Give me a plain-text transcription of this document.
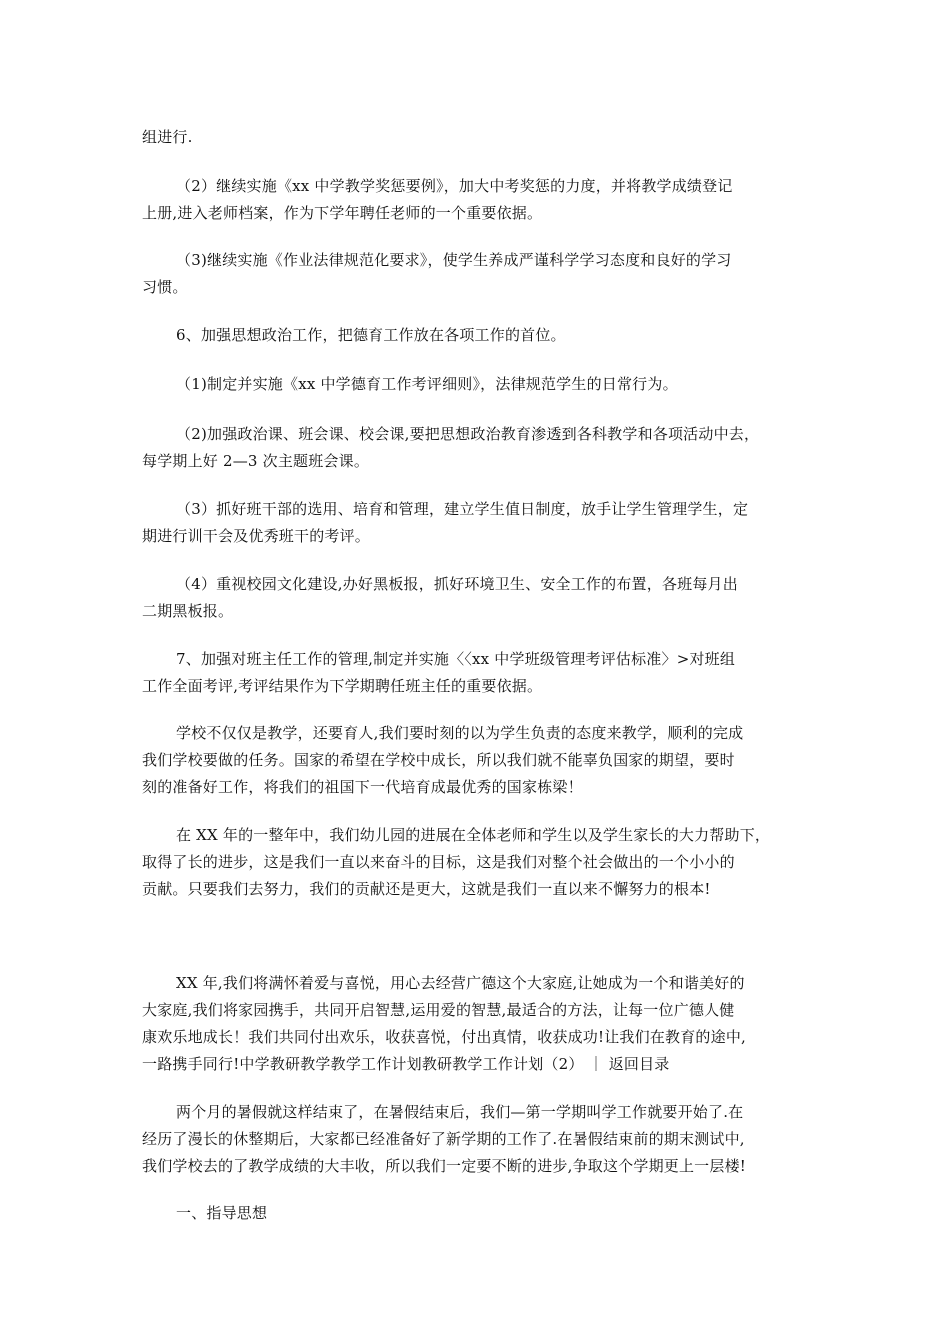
组进行.
（2）继续实施《xx 中学教学奖惩要例》，加大中考奖惩的力度，并将教学成绩登记
上册,进入老师档案，作为下学年聘任老师的一个重要依据。
（3)继续实施《作业法律规范化要求》，使学生养成严谨科学学习态度和良好的学习
习惯。
6、加强思想政治工作，把德育工作放在各项工作的首位。
（1)制定并实施《xx 中学德育工作考评细则》，法律规范学生的日常行为。
（2)加强政治课、班会课、校会课,要把思想政治教育渗透到各科教学和各项活动中去，
每学期上好 2—3 次主题班会课。
（3）抓好班干部的选用、培育和管理，建立学生值日制度，放手让学生管理学生，定
期进行训干会及优秀班干的考评。
（4）重视校园文化建设,办好黑板报，抓好环境卫生、安全工作的布置，各班每月出
二期黑板报。
7、加强对班主任工作的管理,制定并实施〈〈xx 中学班级管理考评估标准〉>对班组
工作全面考评,考评结果作为下学期聘任班主任的重要依据。
学校不仅仅是教学，还要育人,我们要时刻的以为学生负责的态度来教学，顺利的完成
我们学校要做的任务。国家的希望在学校中成长，所以我们就不能辜负国家的期望，要时
刻的准备好工作，将我们的祖国下一代培育成最优秀的国家栋梁！
在 XX 年的一整年中，我们幼儿园的进展在全体老师和学生以及学生家长的大力帮助下，
取得了长的进步，这是我们一直以来奋斗的目标，这是我们对整个社会做出的一个小小的
贡献。只要我们去努力，我们的贡献还是更大，这就是我们一直以来不懈努力的根本!
XX 年,我们将满怀着爱与喜悦，用心去经营广德这个大家庭,让她成为一个和谐美好的
大家庭,我们将家园携手，共同开启智慧,运用爱的智慧,最适合的方法，让每一位广德人健
康欢乐地成长！我们共同付出欢乐，收获喜悦，付出真情，收获成功!让我们在教育的途中,
一路携手同行!中学教研教学教学工作计划教研教学工作计划（2） ｜ 返回目录
两个月的暑假就这样结束了，在暑假结束后，我们—第一学期叫学工作就要开始了.在
经历了漫长的休整期后，大家都已经准备好了新学期的工作了.在暑假结束前的期末测试中,
我们学校去的了教学成绩的大丰收，所以我们一定要不断的进步,争取这个学期更上一层楼!
一、指导思想
